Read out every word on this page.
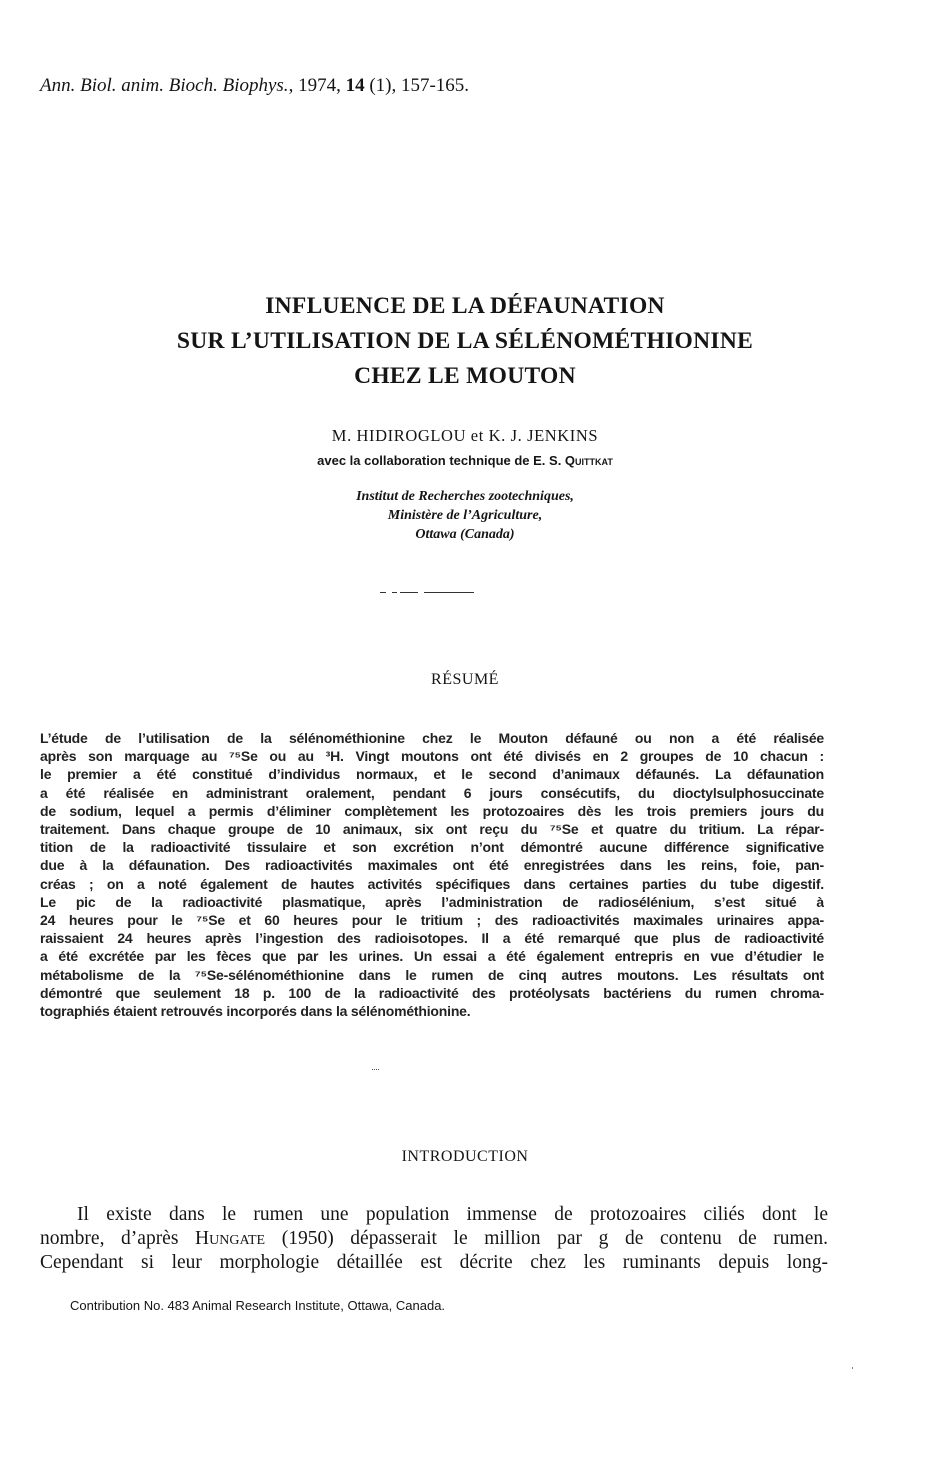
Ann. Biol. anim. Bioch. Biophys., 1974, 14 (1), 157-165.
INFLUENCE DE LA DÉFAUNATION
SUR L’UTILISATION DE LA SÉLÉNOMÉTHIONINE
CHEZ LE MOUTON
M. HIDIROGLOU et K. J. JENKINS
avec la collaboration technique de E. S. Quittkat
Institut de Recherches zootechniques,
Ministère de l’Agriculture,
Ottawa (Canada)
RÉSUMÉ
L’étude de l’utilisation de la sélénométhionine chez le Mouton défauné ou non a été réalisée
après son marquage au ⁷⁵Se ou au ³H. Vingt moutons ont été divisés en 2 groupes de 10 chacun :
le premier a été constitué d’individus normaux, et le second d’animaux défaunés. La défaunation
a été réalisée en administrant oralement, pendant 6 jours consécutifs, du dioctylsulphosuccinate
de sodium, lequel a permis d’éliminer complètement les protozoaires dès les trois premiers jours du
traitement. Dans chaque groupe de 10 animaux, six ont reçu du ⁷⁵Se et quatre du tritium. La répar-
tition de la radioactivité tissulaire et son excrétion n’ont démontré aucune différence significative
due à la défaunation. Des radioactivités maximales ont été enregistrées dans les reins, foie, pan-
créas ; on a noté également de hautes activités spécifiques dans certaines parties du tube digestif.
Le pic de la radioactivité plasmatique, après l’administration de radiosélénium, s’est situé à
24 heures pour le ⁷⁵Se et 60 heures pour le tritium ; des radioactivités maximales urinaires appa-
raissaient 24 heures après l’ingestion des radioisotopes. Il a été remarqué que plus de radioactivité
a été excrétée par les fèces que par les urines. Un essai a été également entrepris en vue d’étudier le
métabolisme de la ⁷⁵Se-sélénométhionine dans le rumen de cinq autres moutons. Les résultats ont
démontré que seulement 18 p. 100 de la radioactivité des protéolysats bactériens du rumen chroma-
tographiés étaient retrouvés incorporés dans la sélénométhionine.
INTRODUCTION
Il existe dans le rumen une population immense de protozoaires ciliés dont le
nombre, d’après Hungate (1950) dépasserait le million par g de contenu de rumen.
Cependant si leur morphologie détaillée est décrite chez les ruminants depuis long-
Contribution No. 483 Animal Research Institute, Ottawa, Canada.
